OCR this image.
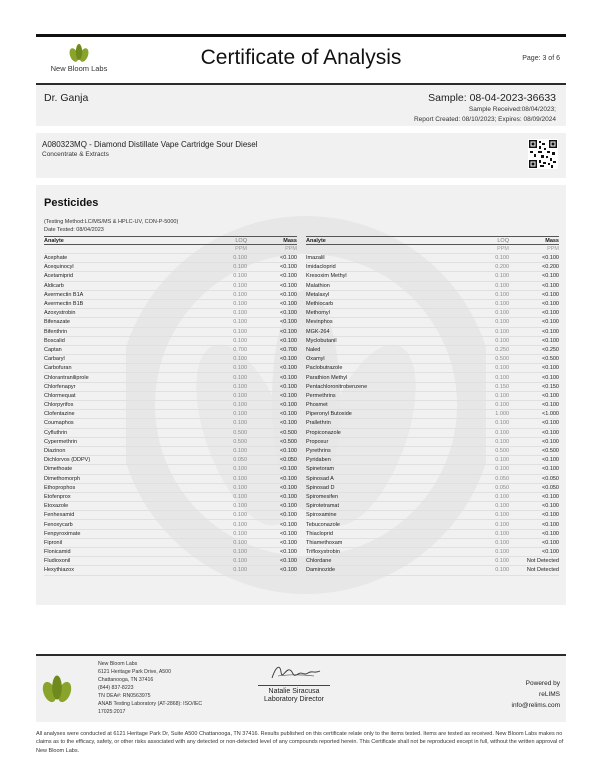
New Bloom Labs	Certificate of Analysis	Page: 3 of 6
Dr. Ganja	Sample: 08-04-2023-36633
Sample Received:08/04/2023;
Report Created: 08/10/2023; Expires: 08/09/2024
A080323MQ - Diamond Distillate Vape Cartridge Sour Diesel
Concentrate & Extracts
Pesticides
(Testing Method:LC/MS/MS & HPLC-UV, CON-P-5000)
Date Tested: 08/04/2023
Analyte	LOQ	Mass
PPM	PPM
Acephate	0.100	<0.100
Acequinocyl	0.100	<0.100
Acetamiprid	0.100	<0.100
Aldicarb	0.100	<0.100
Avermectin B1A	0.100	<0.100
Avermectin B1B	0.100	<0.100
Azoxystrobin	0.100	<0.100
Bifenazate	0.100	<0.100
Bifenthrin	0.100	<0.100
Boscalid	0.100	<0.100
Captan	0.700	<0.700
Carbaryl	0.100	<0.100
Carbofuran	0.100	<0.100
Chlorantraniliprole	0.100	<0.100
Chlorfenapyr	0.100	<0.100
Chlormequat	0.100	<0.100
Chlorpyrifos	0.100	<0.100
Clofentazine	0.100	<0.100
Coumaphos	0.100	<0.100
Cyfluthrin	0.500	<0.500
Cypermethrin	0.500	<0.500
Diazinon	0.100	<0.100
Dichlorvos (DDPV)	0.050	<0.050
Dimethoate	0.100	<0.100
Dimethomorph	0.100	<0.100
Ethoprophos	0.100	<0.100
Etofenprox	0.100	<0.100
Etoxazole	0.100	<0.100
Fenhexamid	0.100	<0.100
Fenoxycarb	0.100	<0.100
Fenpyroximate	0.100	<0.100
Fipronil	0.100	<0.100
Flonicamid	0.100	<0.100
Fludioxonil	0.100	<0.100
Hexythiazox	0.100	<0.100
Analyte	LOQ	Mass
PPM	PPM
Imazalil	0.100	<0.100
Imidacloprid	0.200	<0.200
Kresoxim Methyl	0.100	<0.100
Malathion	0.100	<0.100
Metalaxyl	0.100	<0.100
Methiocarb	0.100	<0.100
Methomyl	0.100	<0.100
Mevinphos	0.100	<0.100
MGK-264	0.100	<0.100
Myclobutanil	0.100	<0.100
Naled	0.250	<0.250
Oxamyl	0.500	<0.500
Paclobutrazole	0.100	<0.100
Parathion Methyl	0.100	<0.100
Pentachloronitrobenzene	0.150	<0.150
Permethrins	0.100	<0.100
Phosmet	0.100	<0.100
Piperonyl Butoxide	1.000	<1.000
Prallethrin	0.100	<0.100
Propiconazole	0.100	<0.100
Propoxur	0.100	<0.100
Pyrethrins	0.500	<0.500
Pyridaben	0.100	<0.100
Spinetoram	0.100	<0.100
Spinosad A	0.050	<0.050
Spinosad D	0.050	<0.050
Spiromesifen	0.100	<0.100
Spirotetramat	0.100	<0.100
Spiroxamine	0.100	<0.100
Tebuconazole	0.100	<0.100
Thiacloprid	0.100	<0.100
Thiamethoxam	0.100	<0.100
Trifloxystrobin	0.100	<0.100
Chlordane	0.100	Not Detected
Daminozide	0.100	Not Detected
New Bloom Labs
6121 Heritage Park Drive, A500
Chattanooga, TN 37416
(844) 837-8223
TN DEA#: RN0563975
ANAB Testing Laboratory (AT-2868): ISO/IEC
17025:2017
Natalie Siracusa
Laboratory Director
Powered by
reLIMS
info@relims.com
All analyses were conducted at 6121 Heritage Park Dr, Suite A500 Chattanooga, TN 37416. Results published on this certificate relate only to the items tested. Items are tested as received. New Bloom Labs makes no claims as to the efficacy, safety, or other risks associated with any detected or non-detected level of any compounds reported herein. This Certificate shall not be reproduced except in full, without the written approval of New Bloom Labs.
